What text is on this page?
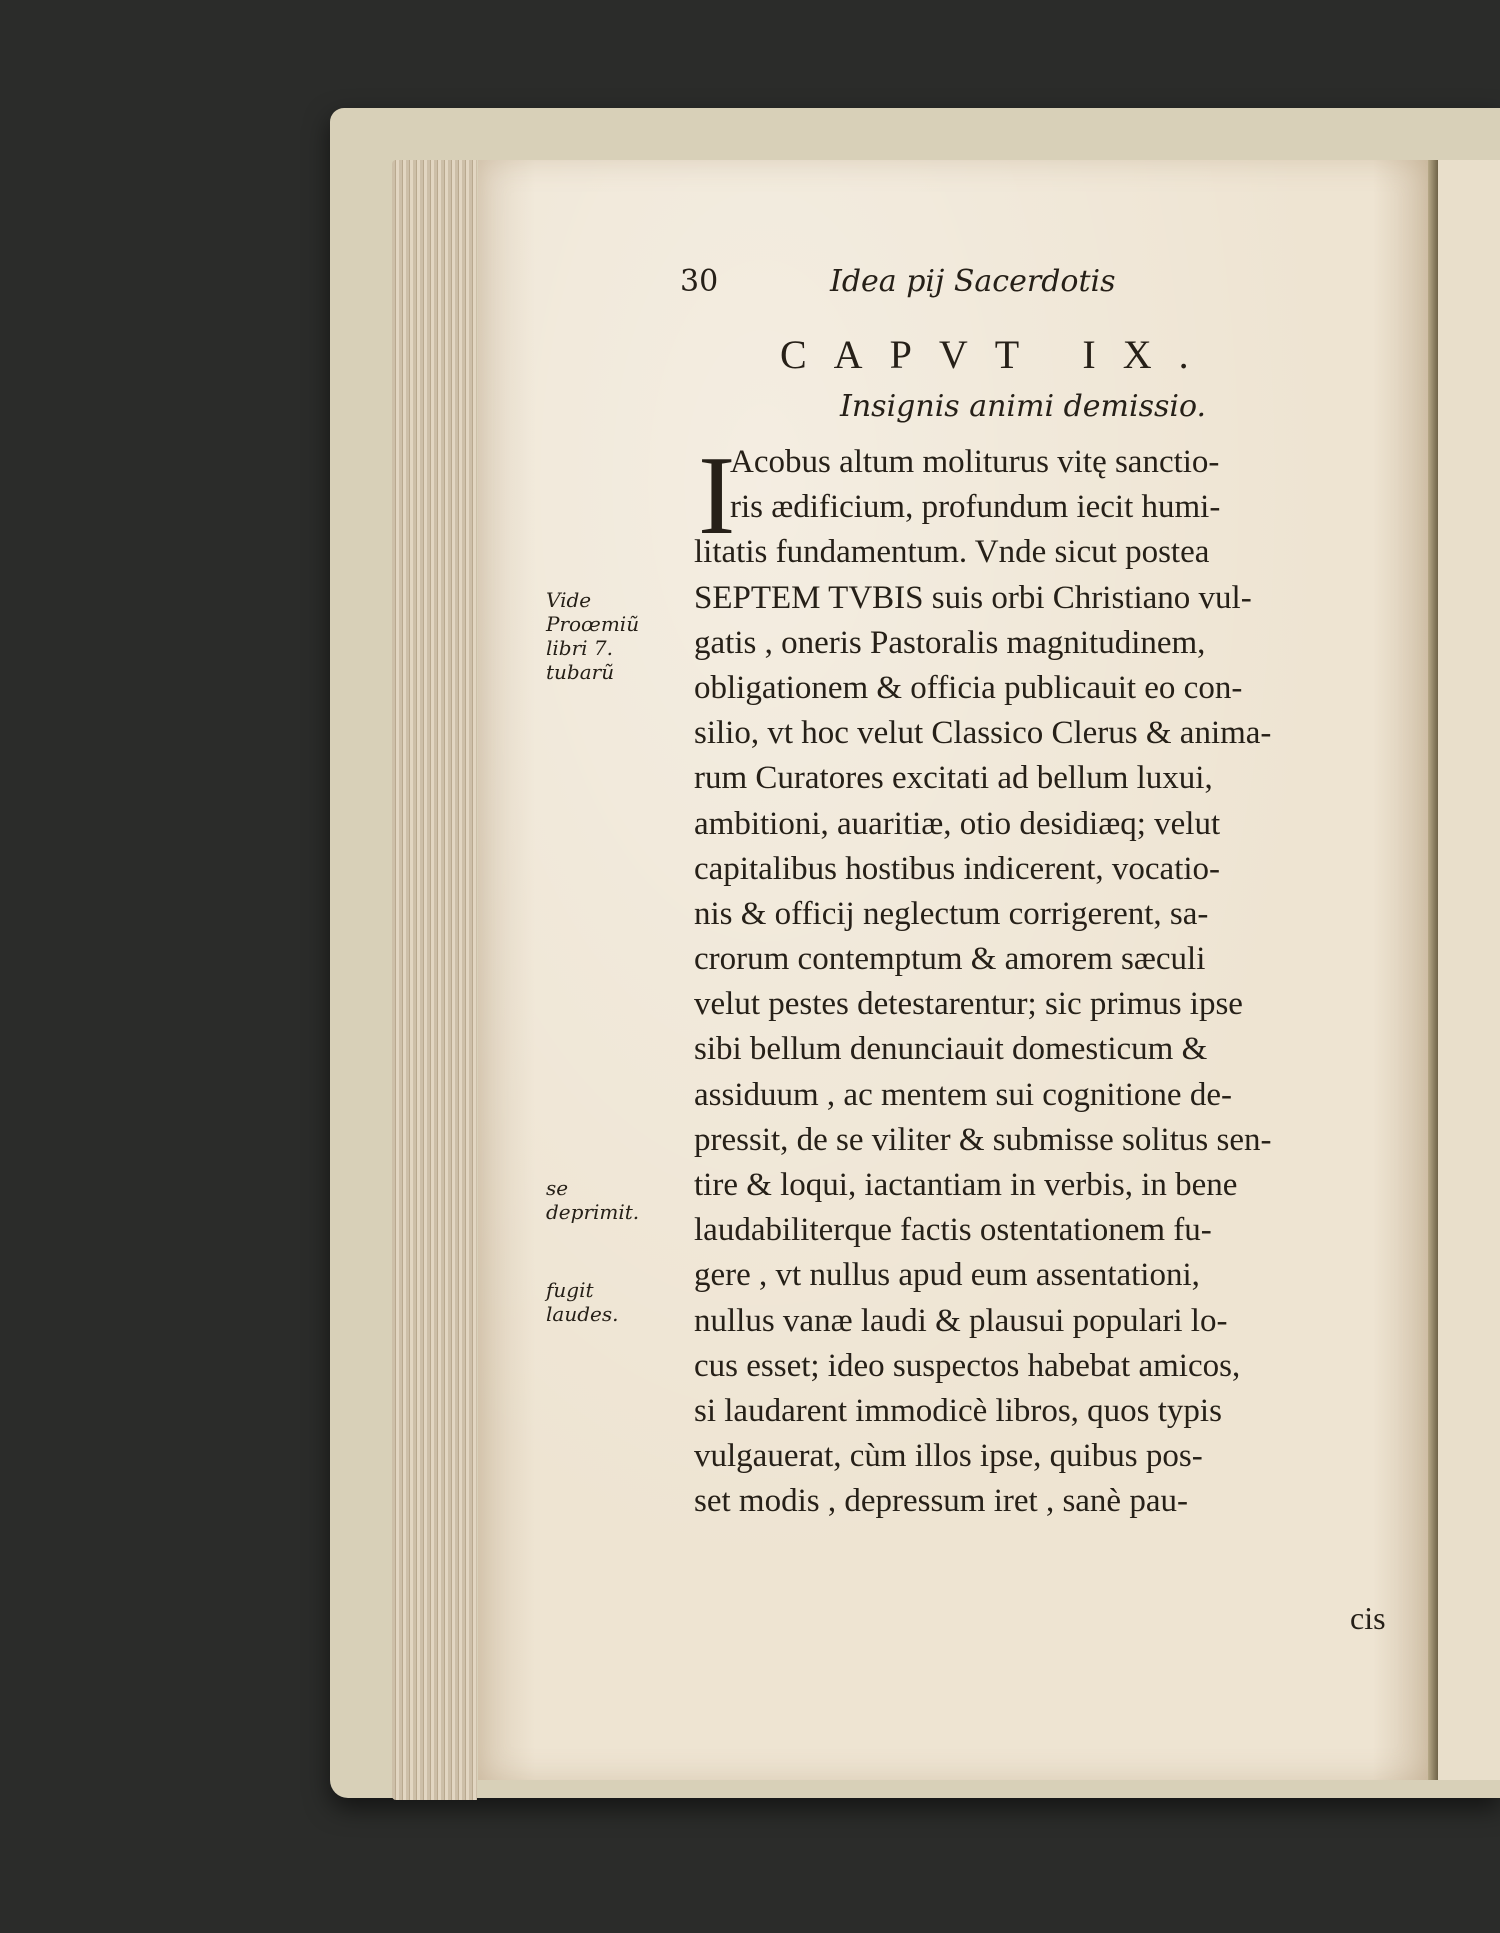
30	Idea pij Sacerdotis
CAPVT IX.
Insignis animi demissio.
I
Acobus altum moliturus vitę sanctio-
ris ædificium, profundum iecit humi-
litatis fundamentum. Vnde sicut postea
SEPTEM TVBIS suis orbi Christiano vul-
gatis , oneris Pastoralis magnitudinem,
obligationem & officia publicauit eo con-
silio, vt hoc velut Classico Clerus & anima-
rum Curatores excitati ad bellum luxui,
ambitioni, auaritiæ, otio desidiæq; velut
capitalibus hostibus indicerent, vocatio-
nis & officij neglectum corrigerent, sa-
crorum contemptum & amorem sæculi
velut pestes detestarentur; sic primus ipse
sibi bellum denunciauit domesticum &
assiduum , ac mentem sui cognitione de-
pressit, de se viliter & submisse solitus sen-
tire & loqui, iactantiam in verbis, in bene
laudabiliterque factis ostentationem fu-
gere , vt nullus apud eum assentationi,
nullus vanæ laudi & plausui populari lo-
cus esset; ideo suspectos habebat amicos,
si laudarent immodicè libros, quos typis
vulgauerat, cùm illos ipse, quibus pos-
set modis , depressum iret , sanè pau-
cis
Vide Proœmiũ libri 7. tubarũ
se deprimit.
fugit laudes.
